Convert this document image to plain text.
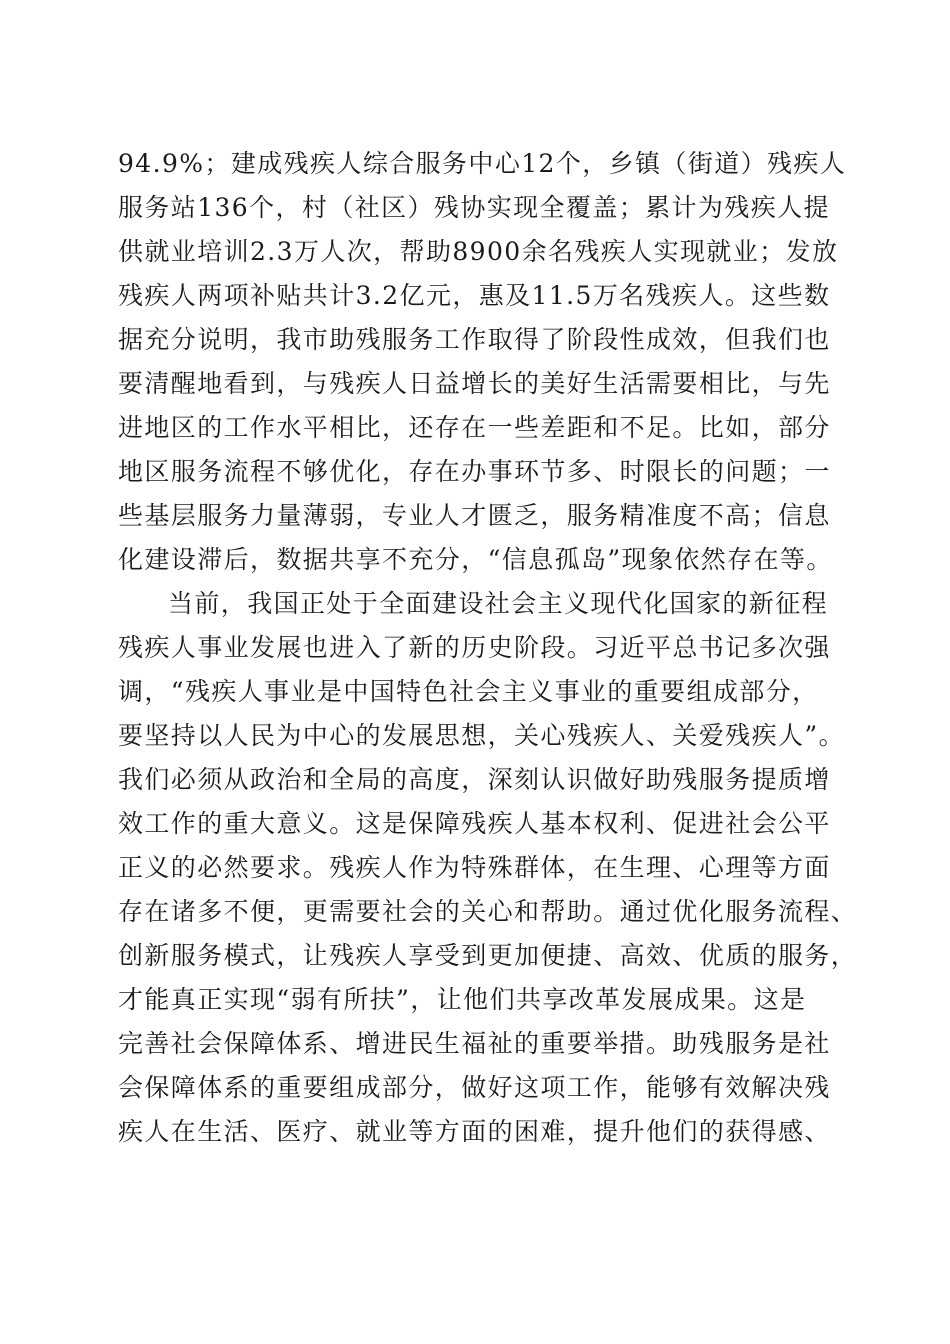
94.9%；建成残疾人综合服务中心12个，乡镇（街道）残疾人
服务站136个，村（社区）残协实现全覆盖；累计为残疾人提
供就业培训2.3万人次，帮助8900余名残疾人实现就业；发放
残疾人两项补贴共计3.2亿元，惠及11.5万名残疾人。这些数
据充分说明，我市助残服务工作取得了阶段性成效，但我们也
要清醒地看到，与残疾人日益增长的美好生活需要相比，与先
进地区的工作水平相比，还存在一些差距和不足。比如，部分
地区服务流程不够优化，存在办事环节多、时限长的问题；一
些基层服务力量薄弱，专业人才匮乏，服务精准度不高；信息
化建设滞后，数据共享不充分，“信息孤岛”现象依然存在等。
当前，我国正处于全面建设社会主义现代化国家的新征程
残疾人事业发展也进入了新的历史阶段。习近平总书记多次强
调，“残疾人事业是中国特色社会主义事业的重要组成部分，
要坚持以人民为中心的发展思想，关心残疾人、关爱残疾人”。
我们必须从政治和全局的高度，深刻认识做好助残服务提质增
效工作的重大意义。这是保障残疾人基本权利、促进社会公平
正义的必然要求。残疾人作为特殊群体，在生理、心理等方面
存在诸多不便，更需要社会的关心和帮助。通过优化服务流程、
创新服务模式，让残疾人享受到更加便捷、高效、优质的服务，
才能真正实现“弱有所扶”，让他们共享改革发展成果。这是
完善社会保障体系、增进民生福祉的重要举措。助残服务是社
会保障体系的重要组成部分，做好这项工作，能够有效解决残
疾人在生活、医疗、就业等方面的困难，提升他们的获得感、
